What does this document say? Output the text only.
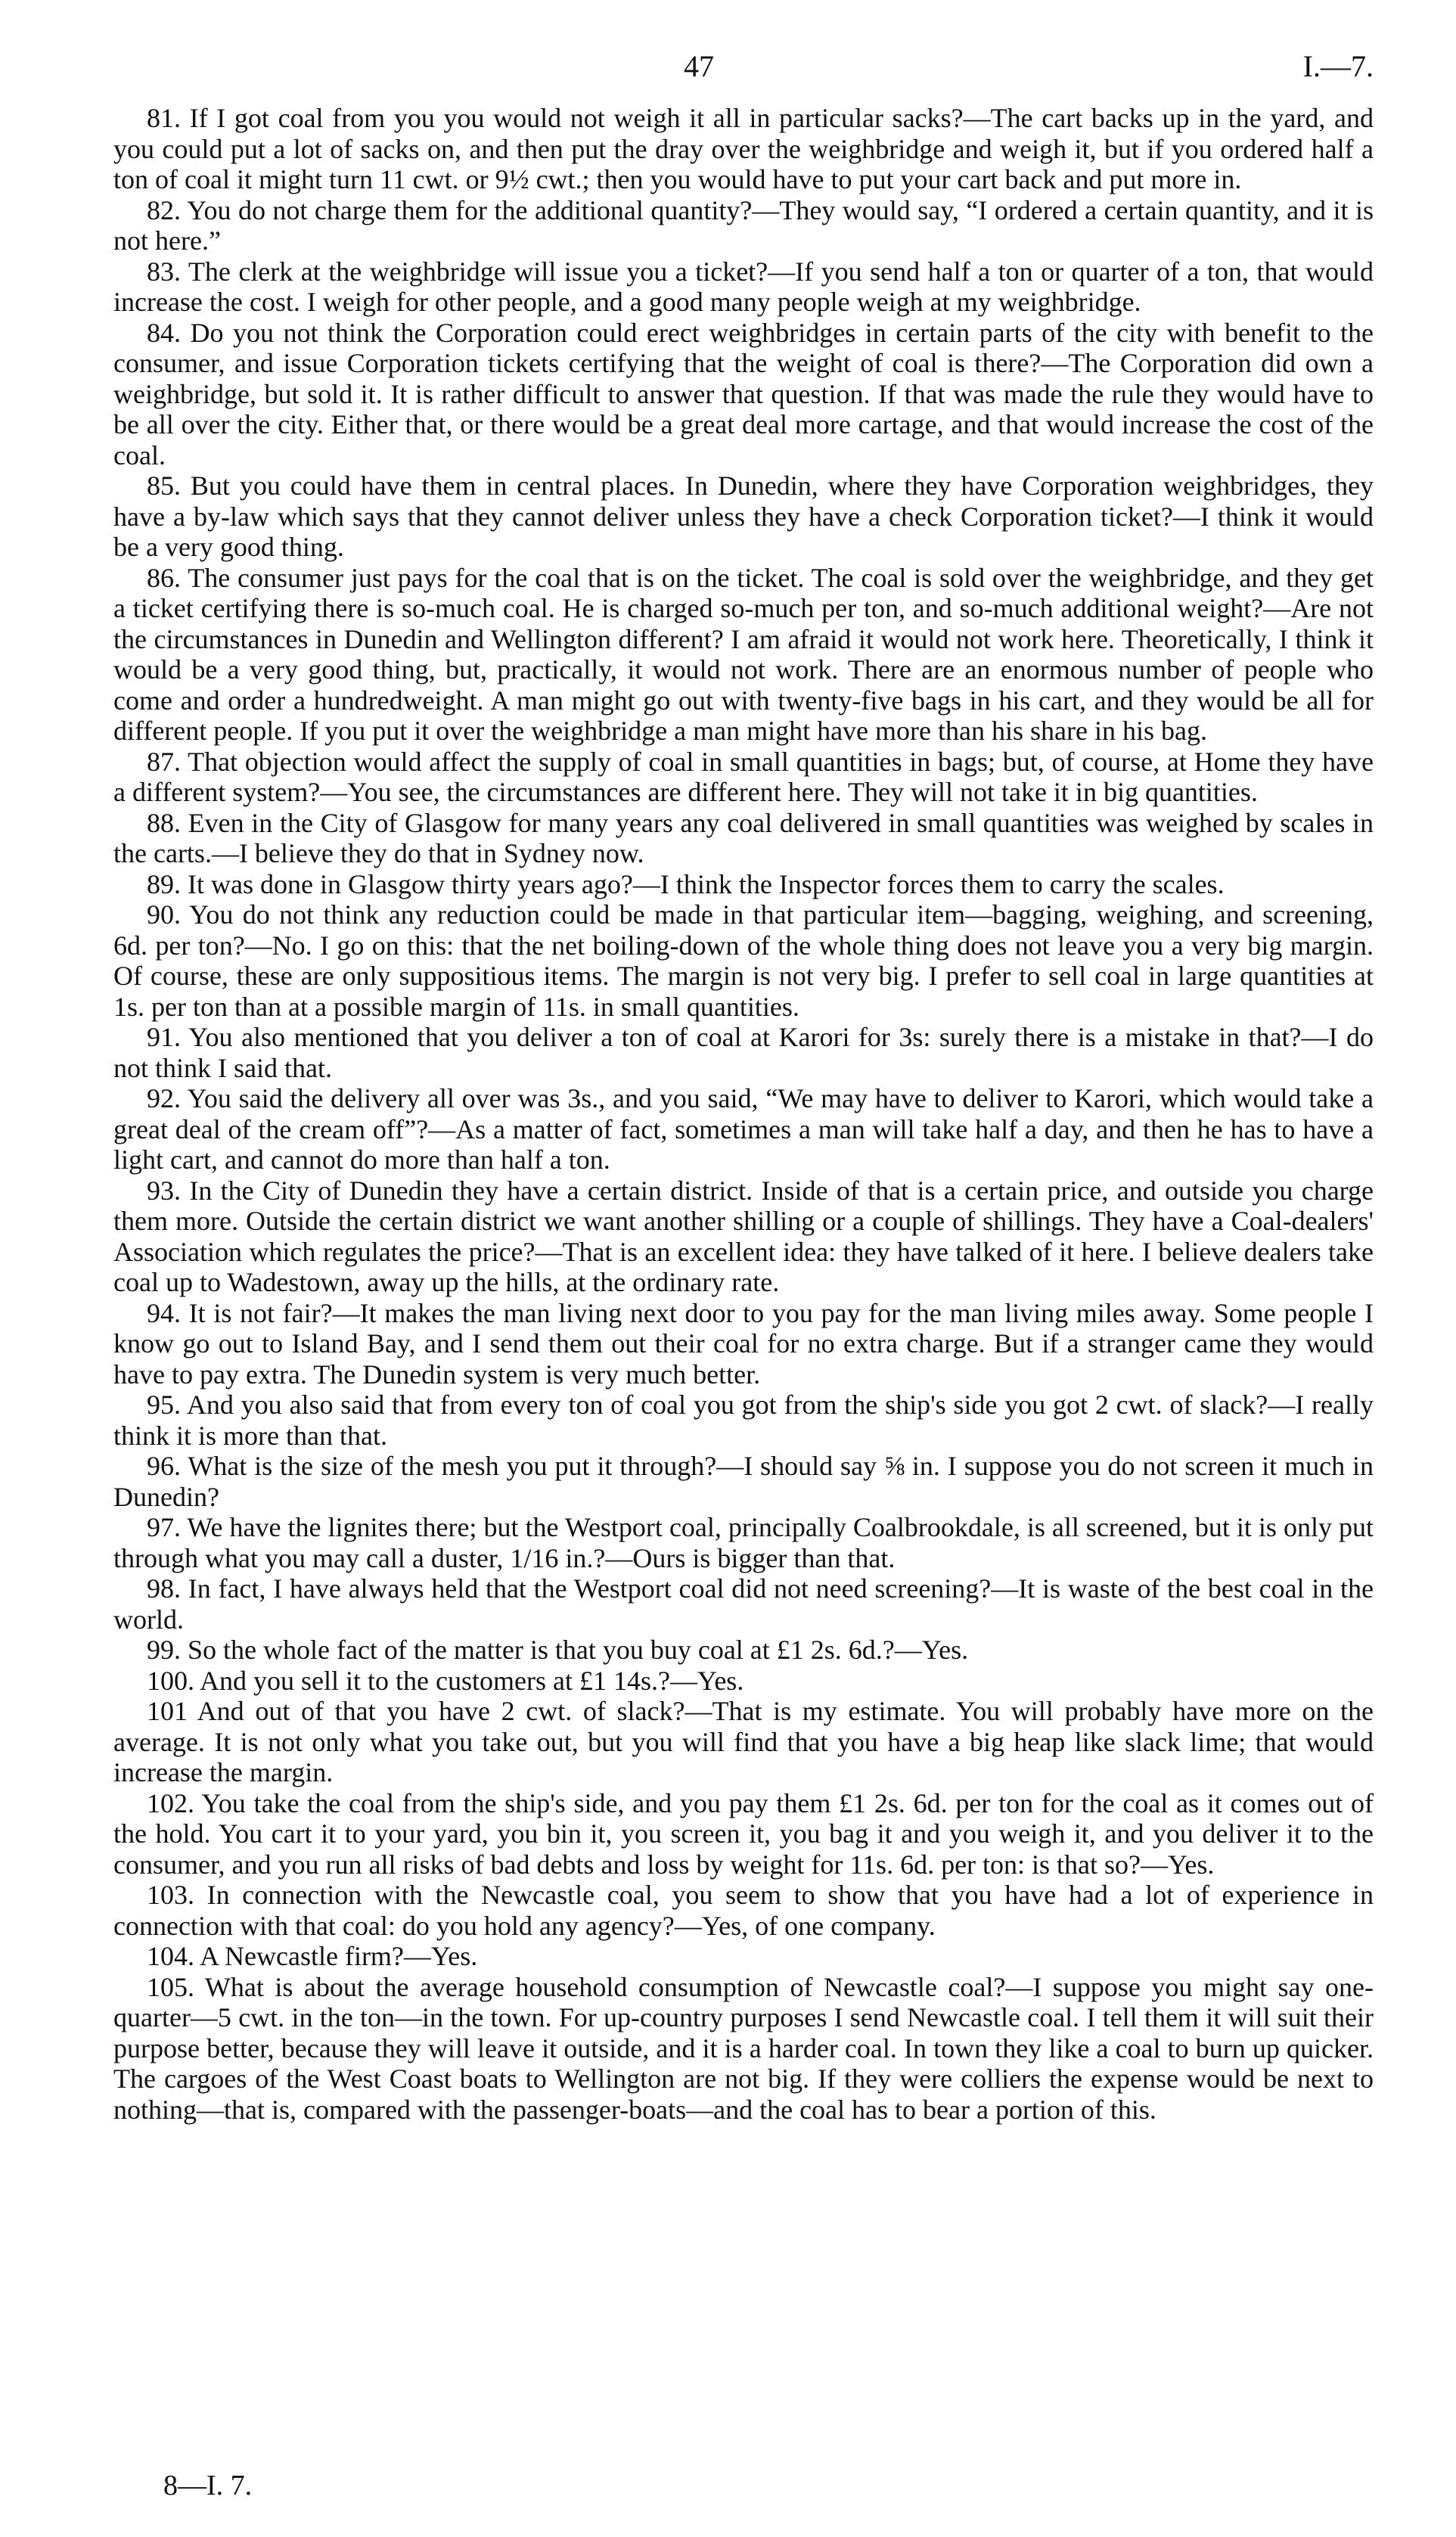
47	I.—7.

81. If I got coal from you you would not weigh it all in particular sacks?—The cart backs up in the yard, and you could put a lot of sacks on, and then put the dray over the weighbridge and weigh it, but if you ordered half a ton of coal it might turn 11 cwt. or 9½ cwt.; then you would have to put your cart back and put more in.

82. You do not charge them for the additional quantity?—They would say, “I ordered a certain quantity, and it is not here.”

83. The clerk at the weighbridge will issue you a ticket?—If you send half a ton or quarter of a ton, that would increase the cost. I weigh for other people, and a good many people weigh at my weighbridge.

84. Do you not think the Corporation could erect weighbridges in certain parts of the city with benefit to the consumer, and issue Corporation tickets certifying that the weight of coal is there?—The Corporation did own a weighbridge, but sold it. It is rather difficult to answer that question. If that was made the rule they would have to be all over the city. Either that, or there would be a great deal more cartage, and that would increase the cost of the coal.

85. But you could have them in central places. In Dunedin, where they have Corporation weighbridges, they have a by-law which says that they cannot deliver unless they have a check Corporation ticket?—I think it would be a very good thing.

86. The consumer just pays for the coal that is on the ticket. The coal is sold over the weighbridge, and they get a ticket certifying there is so-much coal. He is charged so-much per ton, and so-much additional weight?—Are not the circumstances in Dunedin and Wellington different? I am afraid it would not work here. Theoretically, I think it would be a very good thing, but, practically, it would not work. There are an enormous number of people who come and order a hundredweight. A man might go out with twenty-five bags in his cart, and they would be all for different people. If you put it over the weighbridge a man might have more than his share in his bag.

87. That objection would affect the supply of coal in small quantities in bags; but, of course, at Home they have a different system?—You see, the circumstances are different here. They will not take it in big quantities.

88. Even in the City of Glasgow for many years any coal delivered in small quantities was weighed by scales in the carts.—I believe they do that in Sydney now.

89. It was done in Glasgow thirty years ago?—I think the Inspector forces them to carry the scales.

90. You do not think any reduction could be made in that particular item—bagging, weighing, and screening, 6d. per ton?—No. I go on this: that the net boiling-down of the whole thing does not leave you a very big margin. Of course, these are only suppositious items. The margin is not very big. I prefer to sell coal in large quantities at 1s. per ton than at a possible margin of 11s. in small quantities.

91. You also mentioned that you deliver a ton of coal at Karori for 3s: surely there is a mistake in that?—I do not think I said that.

92. You said the delivery all over was 3s., and you said, “We may have to deliver to Karori, which would take a great deal of the cream off”?—As a matter of fact, sometimes a man will take half a day, and then he has to have a light cart, and cannot do more than half a ton.

93. In the City of Dunedin they have a certain district. Inside of that is a certain price, and outside you charge them more. Outside the certain district we want another shilling or a couple of shillings. They have a Coal-dealers' Association which regulates the price?—That is an excellent idea: they have talked of it here. I believe dealers take coal up to Wadestown, away up the hills, at the ordinary rate.

94. It is not fair?—It makes the man living next door to you pay for the man living miles away. Some people I know go out to Island Bay, and I send them out their coal for no extra charge. But if a stranger came they would have to pay extra. The Dunedin system is very much better.

95. And you also said that from every ton of coal you got from the ship's side you got 2 cwt. of slack?—I really think it is more than that.

96. What is the size of the mesh you put it through?—I should say ⅝ in. I suppose you do not screen it much in Dunedin?

97. We have the lignites there; but the Westport coal, principally Coalbrookdale, is all screened, but it is only put through what you may call a duster, 1/16 in.?—Ours is bigger than that.

98. In fact, I have always held that the Westport coal did not need screening?—It is waste of the best coal in the world.

99. So the whole fact of the matter is that you buy coal at £1 2s. 6d.?—Yes.

100. And you sell it to the customers at £1 14s.?—Yes.

101 And out of that you have 2 cwt. of slack?—That is my estimate. You will probably have more on the average. It is not only what you take out, but you will find that you have a big heap like slack lime; that would increase the margin.

102. You take the coal from the ship's side, and you pay them £1 2s. 6d. per ton for the coal as it comes out of the hold. You cart it to your yard, you bin it, you screen it, you bag it and you weigh it, and you deliver it to the consumer, and you run all risks of bad debts and loss by weight for 11s. 6d. per ton: is that so?—Yes.

103. In connection with the Newcastle coal, you seem to show that you have had a lot of experience in connection with that coal: do you hold any agency?—Yes, of one company.

104. A Newcastle firm?—Yes.

105. What is about the average household consumption of Newcastle coal?—I suppose you might say one-quarter—5 cwt. in the ton—in the town. For up-country purposes I send Newcastle coal. I tell them it will suit their purpose better, because they will leave it outside, and it is a harder coal. In town they like a coal to burn up quicker. The cargoes of the West Coast boats to Wellington are not big. If they were colliers the expense would be next to nothing—that is, compared with the passenger-boats—and the coal has to bear a portion of this.

8—I. 7.
